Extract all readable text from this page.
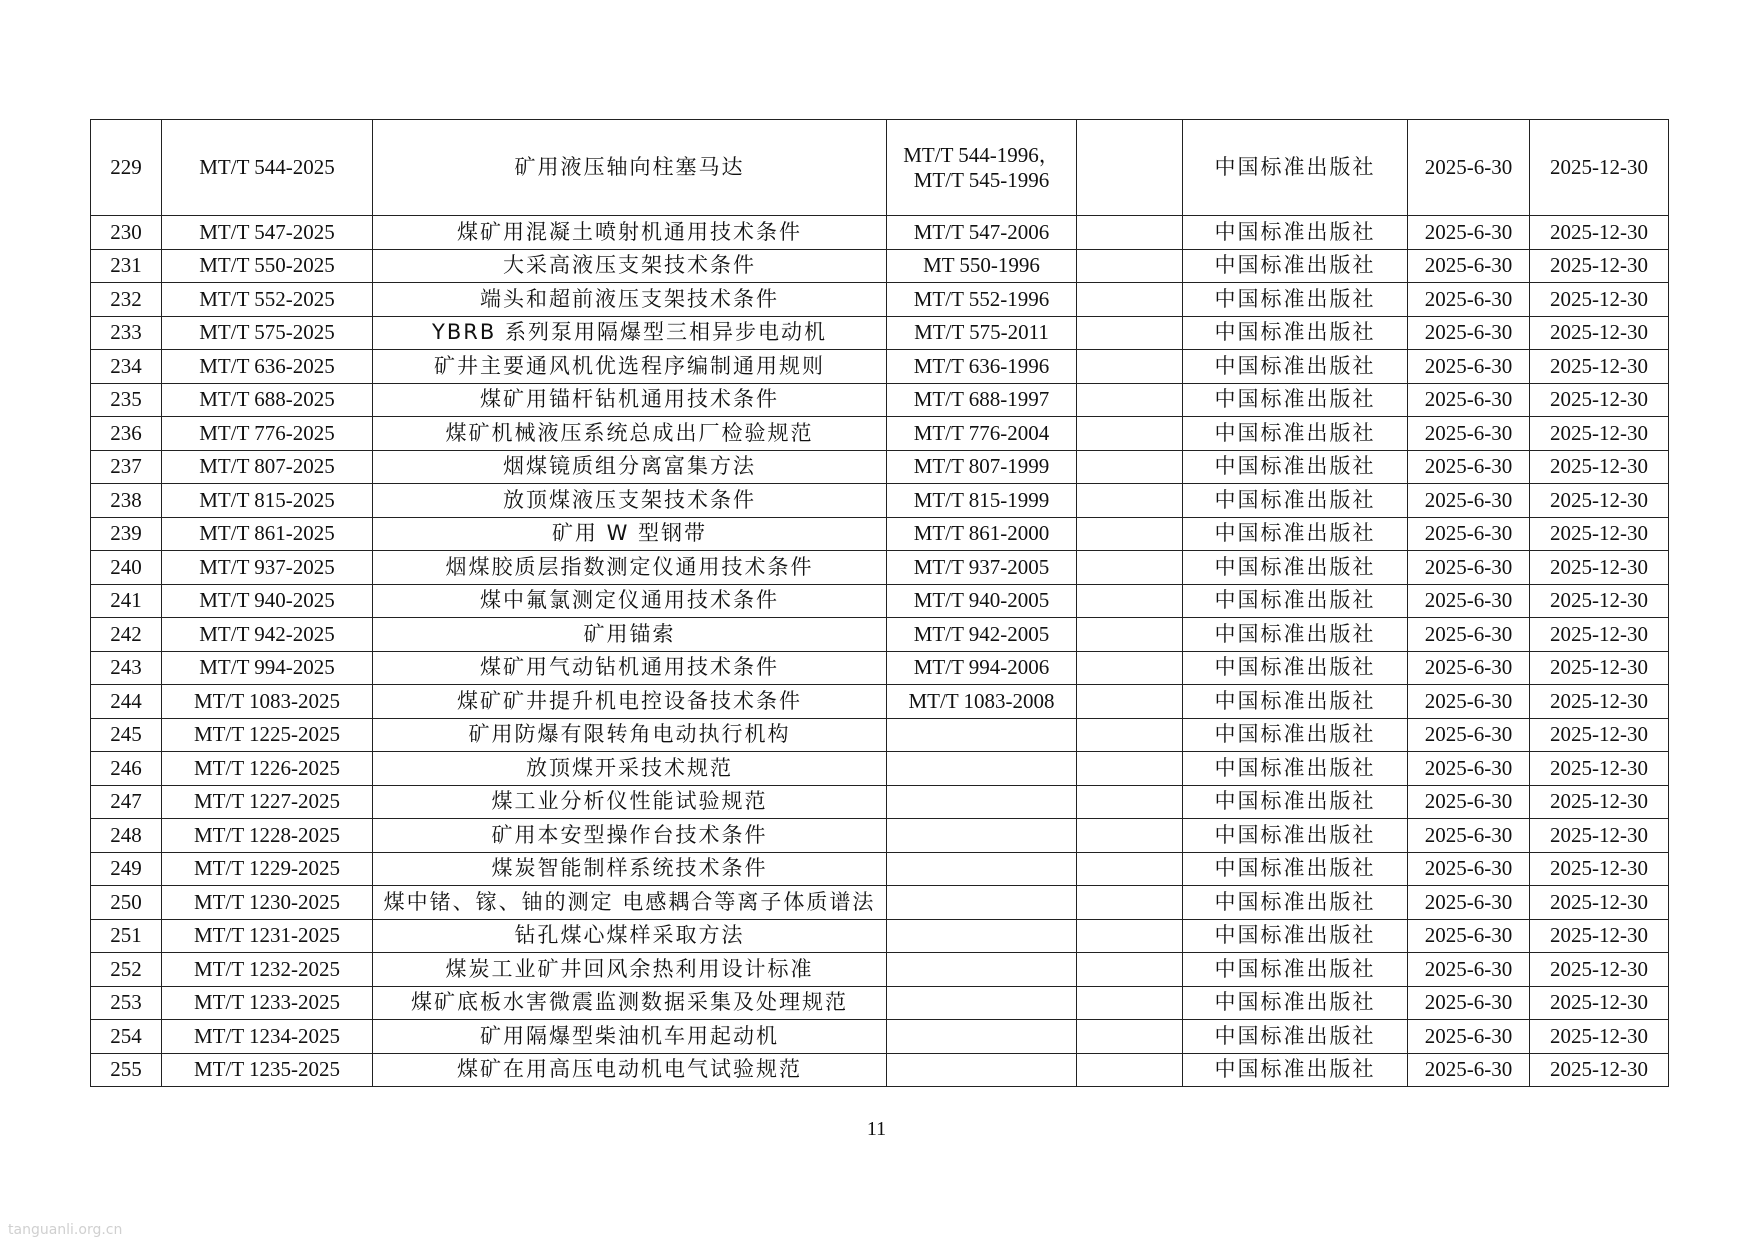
229	MT/T 544-2025	矿用液压轴向柱塞马达	MT/T 544-1996，
MT/T 545-1996		中国标准出版社	2025-6-30	2025-12-30
230	MT/T 547-2025	煤矿用混凝土喷射机通用技术条件	MT/T 547-2006		中国标准出版社	2025-6-30	2025-12-30
231	MT/T 550-2025	大采高液压支架技术条件	MT 550-1996		中国标准出版社	2025-6-30	2025-12-30
232	MT/T 552-2025	端头和超前液压支架技术条件	MT/T 552-1996		中国标准出版社	2025-6-30	2025-12-30
233	MT/T 575-2025	YBRB 系列泵用隔爆型三相异步电动机	MT/T 575-2011		中国标准出版社	2025-6-30	2025-12-30
234	MT/T 636-2025	矿井主要通风机优选程序编制通用规则	MT/T 636-1996		中国标准出版社	2025-6-30	2025-12-30
235	MT/T 688-2025	煤矿用锚杆钻机通用技术条件	MT/T 688-1997		中国标准出版社	2025-6-30	2025-12-30
236	MT/T 776-2025	煤矿机械液压系统总成出厂检验规范	MT/T 776-2004		中国标准出版社	2025-6-30	2025-12-30
237	MT/T 807-2025	烟煤镜质组分离富集方法	MT/T 807-1999		中国标准出版社	2025-6-30	2025-12-30
238	MT/T 815-2025	放顶煤液压支架技术条件	MT/T 815-1999		中国标准出版社	2025-6-30	2025-12-30
239	MT/T 861-2025	矿用 W 型钢带	MT/T 861-2000		中国标准出版社	2025-6-30	2025-12-30
240	MT/T 937-2025	烟煤胶质层指数测定仪通用技术条件	MT/T 937-2005		中国标准出版社	2025-6-30	2025-12-30
241	MT/T 940-2025	煤中氟氯测定仪通用技术条件	MT/T 940-2005		中国标准出版社	2025-6-30	2025-12-30
242	MT/T 942-2025	矿用锚索	MT/T 942-2005		中国标准出版社	2025-6-30	2025-12-30
243	MT/T 994-2025	煤矿用气动钻机通用技术条件	MT/T 994-2006		中国标准出版社	2025-6-30	2025-12-30
244	MT/T 1083-2025	煤矿矿井提升机电控设备技术条件	MT/T 1083-2008		中国标准出版社	2025-6-30	2025-12-30
245	MT/T 1225-2025	矿用防爆有限转角电动执行机构			中国标准出版社	2025-6-30	2025-12-30
246	MT/T 1226-2025	放顶煤开采技术规范			中国标准出版社	2025-6-30	2025-12-30
247	MT/T 1227-2025	煤工业分析仪性能试验规范			中国标准出版社	2025-6-30	2025-12-30
248	MT/T 1228-2025	矿用本安型操作台技术条件			中国标准出版社	2025-6-30	2025-12-30
249	MT/T 1229-2025	煤炭智能制样系统技术条件			中国标准出版社	2025-6-30	2025-12-30
250	MT/T 1230-2025	煤中锗、镓、铀的测定 电感耦合等离子体质谱法			中国标准出版社	2025-6-30	2025-12-30
251	MT/T 1231-2025	钻孔煤心煤样采取方法			中国标准出版社	2025-6-30	2025-12-30
252	MT/T 1232-2025	煤炭工业矿井回风余热利用设计标准			中国标准出版社	2025-6-30	2025-12-30
253	MT/T 1233-2025	煤矿底板水害微震监测数据采集及处理规范			中国标准出版社	2025-6-30	2025-12-30
254	MT/T 1234-2025	矿用隔爆型柴油机车用起动机			中国标准出版社	2025-6-30	2025-12-30
255	MT/T 1235-2025	煤矿在用高压电动机电气试验规范			中国标准出版社	2025-6-30	2025-12-30
11
tanguanli.org.cn
